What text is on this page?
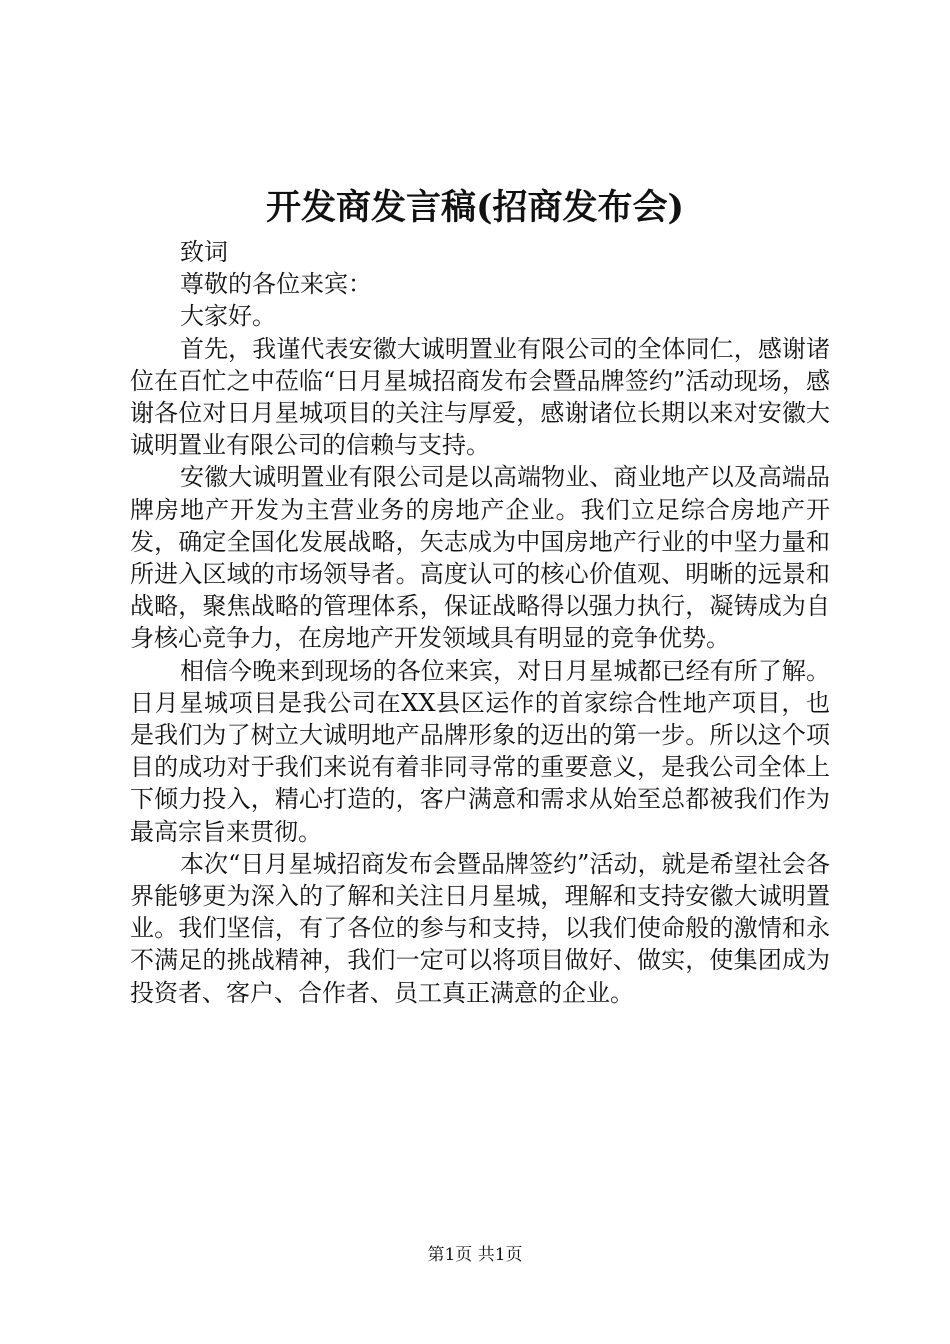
开发商发言稿(招商发布会)

致词

尊敬的各位来宾：

大家好。

首先，我谨代表安徽大诚明置业有限公司的全体同仁，感谢诸位在百忙之中莅临“日月星城招商发布会暨品牌签约”活动现场，感谢各位对日月星城项目的关注与厚爱，感谢诸位长期以来对安徽大诚明置业有限公司的信赖与支持。

安徽大诚明置业有限公司是以高端物业、商业地产以及高端品牌房地产开发为主营业务的房地产企业。我们立足综合房地产开发，确定全国化发展战略，矢志成为中国房地产行业的中坚力量和所进入区域的市场领导者。高度认可的核心价值观、明晰的远景和战略，聚焦战略的管理体系，保证战略得以强力执行，凝铸成为自身核心竞争力，在房地产开发领域具有明显的竞争优势。

相信今晚来到现场的各位来宾，对日月星城都已经有所了解。日月星城项目是我公司在XX县区运作的首家综合性地产项目，也是我们为了树立大诚明地产品牌形象的迈出的第一步。所以这个项目的成功对于我们来说有着非同寻常的重要意义，是我公司全体上下倾力投入，精心打造的，客户满意和需求从始至总都被我们作为最高宗旨来贯彻。

本次“日月星城招商发布会暨品牌签约”活动，就是希望社会各界能够更为深入的了解和关注日月星城，理解和支持安徽大诚明置业。我们坚信，有了各位的参与和支持，以我们使命般的激情和永不满足的挑战精神，我们一定可以将项目做好、做实，使集团成为投资者、客户、合作者、员工真正满意的企业。

第1页 共1页
